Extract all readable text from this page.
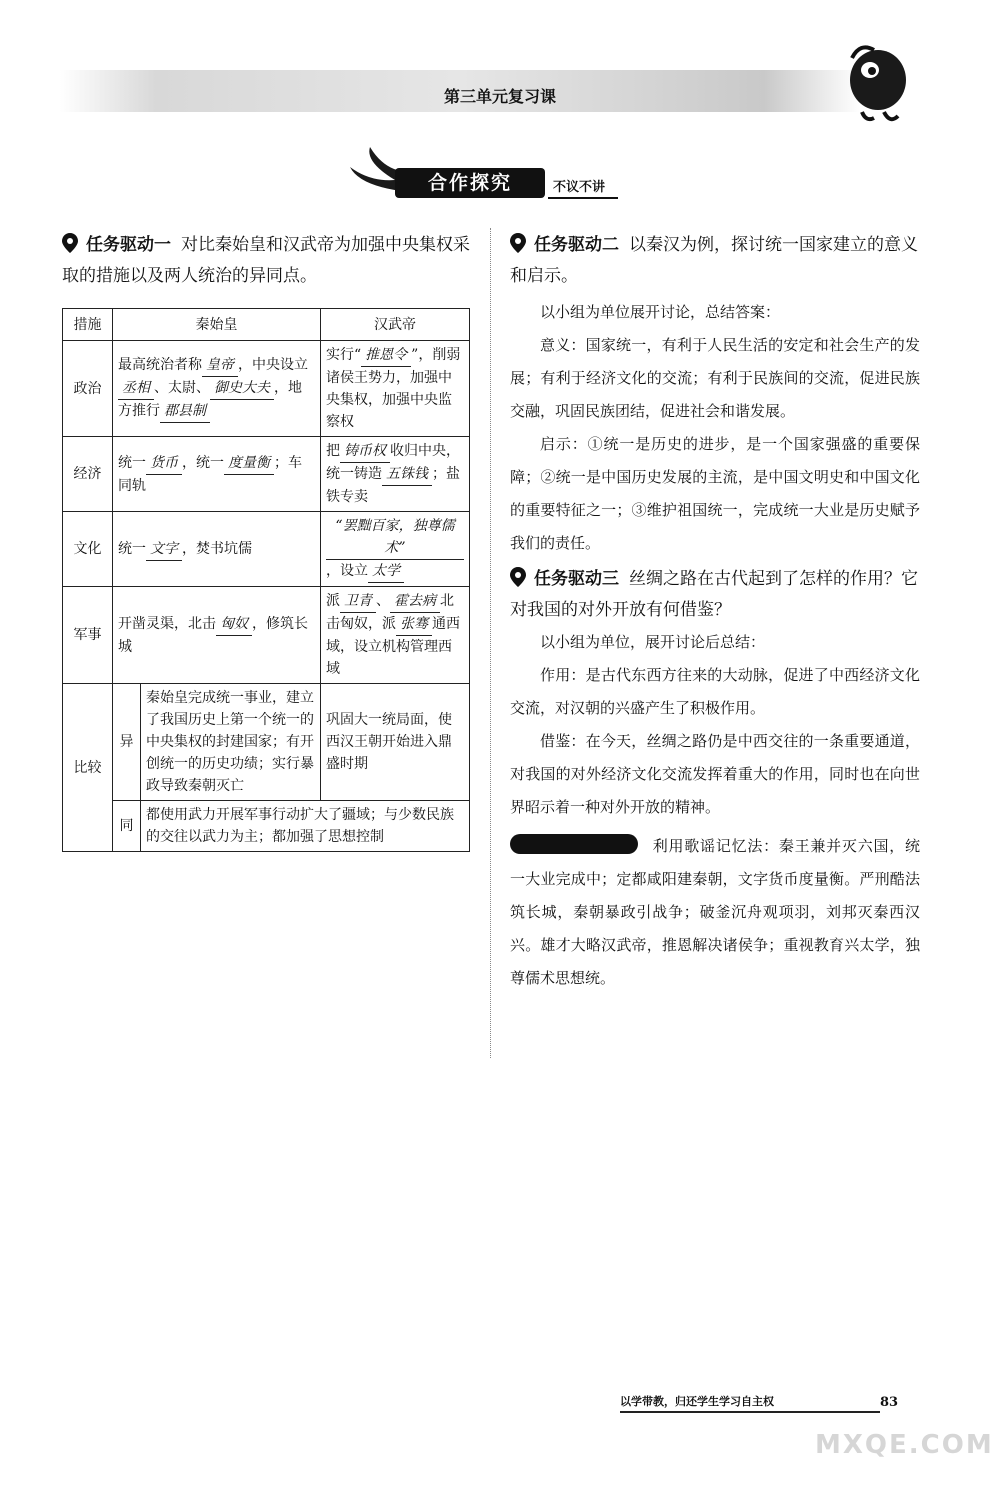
第三单元复习课
合作探究	不议不讲
任务驱动一 对比秦始皇和汉武帝为加强中央集权采取的措施以及两人统治的异同点。
措施	秦始皇		汉武帝
政治	最高统治者称 皇帝 ，中央设立丞相 、太尉、 御史大夫 ，地方推行 郡县制		实行“ 推恩令 ”，削弱诸侯王势力，加强中央集权，加强中央监察权
经济	统一 货币 ，统一 度量衡 ；车同轨		把 铸币权 收归中央，统一铸造 五铢钱 ；盐铁专卖
文化	统一 文字 ，焚书坑儒		“罢黜百家，独尊儒术”，设立 太学
军事	开凿灵渠，北击 匈奴 ，修筑长城		派 卫青 、 霍去病 北击匈奴，派 张骞 通西域，设立机构管理西域
比较	异	秦始皇完成统一事业，建立了我国历史上第一个统一的中央集权的封建国家；有开创统一的历史功绩；实行暴政导致秦朝灭亡	巩固大一统局面，使西汉王朝开始进入鼎盛时期
	同	都使用武力开展军事行动扩大了疆域；与少数民族的交往以武力为主；都加强了思想控制	
任务驱动二 以秦汉为例，探讨统一国家建立的意义和启示。

以小组为单位展开讨论，总结答案：

意义：国家统一，有利于人民生活的安定和社会生产的发展；有利于经济文化的交流；有利于民族间的交流，促进民族交融，巩固民族团结，促进社会和谐发展。

启示：①统一是历史的进步，是一个国家强盛的重要保障；②统一是中国历史发展的主流，是中国文明史和中国文化的重要特征之一；③维护祖国统一，完成统一大业是历史赋予我们的责任。

任务驱动三 丝绸之路在古代起到了怎样的作用？它对我国的对外开放有何借鉴？

以小组为单位，展开讨论后总结：

作用：是古代东西方往来的大动脉，促进了中西经济文化交流，对汉朝的兴盛产生了积极作用。

借鉴：在今天，丝绸之路仍是中西交往的一条重要通道，对我国的对外经济文化交流发挥着重大的作用，同时也在向世界昭示着一种对外开放的精神。

利用歌谣记忆法：秦王兼并灭六国，统一大业完成中；定都咸阳建秦朝，文字货币度量衡。严刑酷法筑长城，秦朝暴政引战争；破釜沉舟观项羽，刘邦灭秦西汉兴。雄才大略汉武帝，推恩解决诸侯争；重视教育兴太学，独尊儒术思想统。

以学带教，归还学生学习自主权	83
MXQE.COM
